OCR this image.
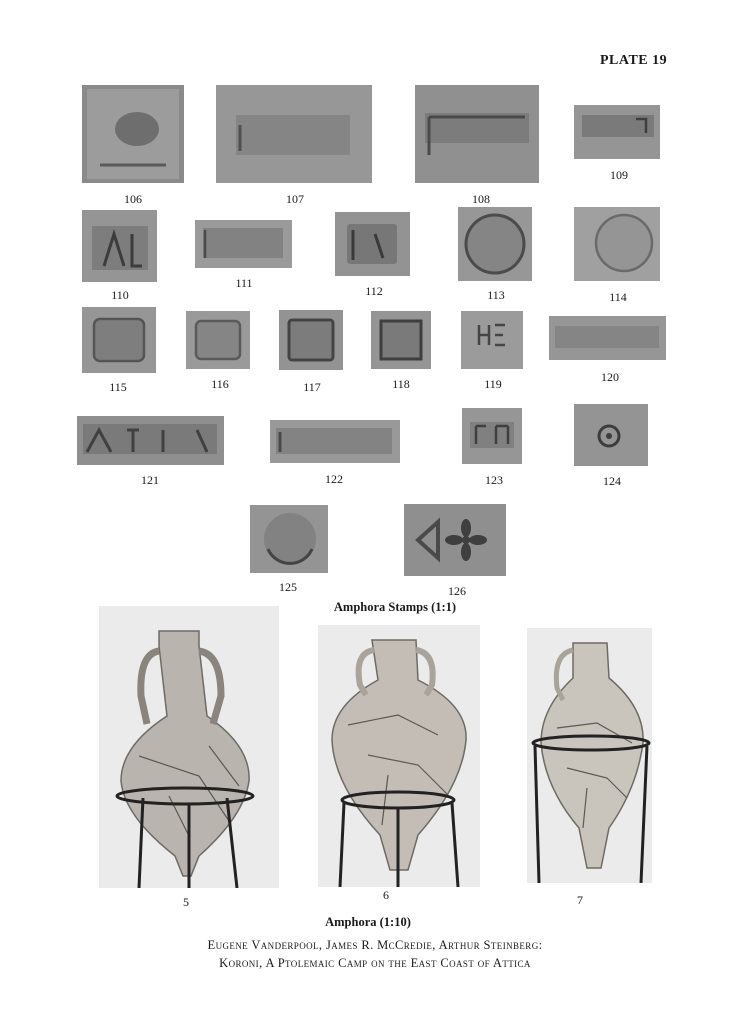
PLATE 19
106	107	108
109
110
111
112	113	114
115	116	117	118	119	120
121	122	123	124
125	126
Amphora Stamps (1:1)
5	6	7
Amphora (1:10)
Eugene Vanderpool, James R. McCredie, Arthur Steinberg:
Koroni, A Ptolemaic Camp on the East Coast of Attica
